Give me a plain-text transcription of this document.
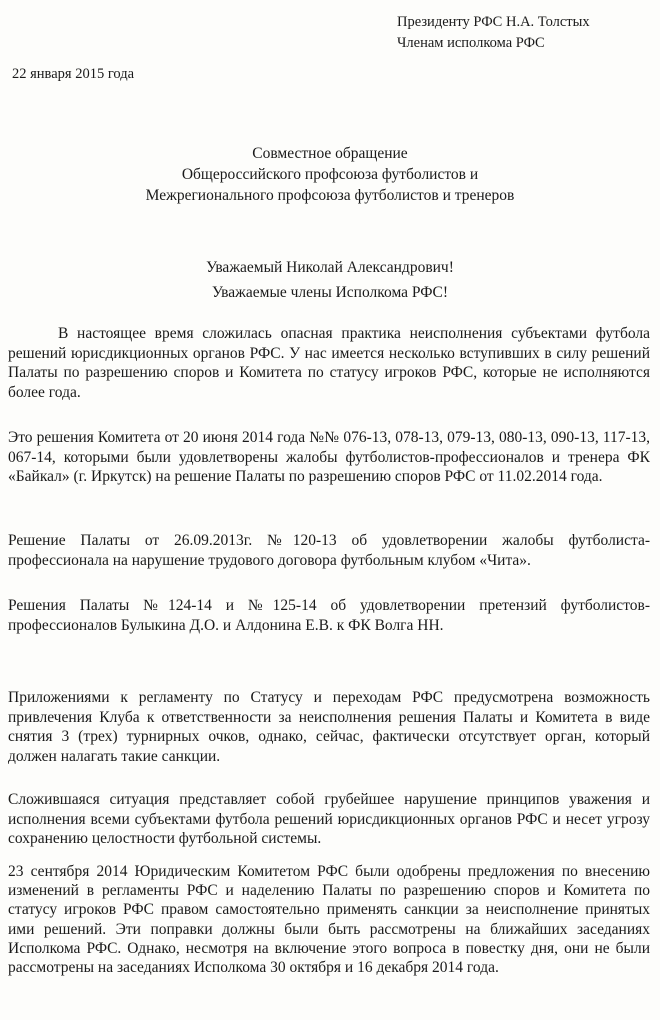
Президенту РФС Н.А. Толстых
Членам исполкома РФС
22 января 2015 года
Совместное обращение
Общероссийского профсоюза футболистов и
Межрегионального профсоюза футболистов и тренеров
Уважаемый Николай Александрович!
Уважаемые члены Исполкома РФС!

В настоящее время сложилась опасная практика неисполнения субъектами футбола решений юрисдикционных органов РФС. У нас имеется несколько вступивших в силу решений Палаты по разрешению споров и Комитета по статусу игроков РФС, которые не исполняются более года.

Это решения Комитета от 20 июня 2014 года №№ 076-13, 078-13, 079-13, 080-13, 090-13, 117-13, 067-14, которыми были удовлетворены жалобы футболистов-профессионалов и тренера ФК «Байкал» (г. Иркутск) на решение Палаты по разрешению споров РФС от 11.02.2014 года.

Решение Палаты от 26.09.2013г. №120-13 об удовлетворении жалобы футболиста-профессионала на нарушение трудового договора футбольным клубом «Чита».

Решения Палаты №124-14 и №125-14 об удовлетворении претензий футболистов-профессионалов Булыкина Д.О. и Алдонина Е.В. к ФК Волга НН.

Приложениями к регламенту по Статусу и переходам РФС предусмотрена возможность привлечения Клуба к ответственности за неисполнения решения Палаты и Комитета в виде снятия 3 (трех) турнирных очков, однако, сейчас, фактически отсутствует орган, который должен налагать такие санкции.

Сложившаяся ситуация представляет собой грубейшее нарушение принципов уважения и исполнения всеми субъектами футбола решений юрисдикционных органов РФС и несет угрозу сохранению целостности футбольной системы.

23 сентября 2014 Юридическим Комитетом РФС были одобрены предложения по внесению изменений в регламенты РФС и наделению Палаты по разрешению споров и Комитета по статусу игроков РФС правом самостоятельно применять санкции за неисполнение принятых ими решений. Эти поправки должны были быть рассмотрены на ближайших заседаниях Исполкома РФС. Однако, несмотря на включение этого вопроса в повестку дня, они не были рассмотрены на заседаниях Исполкома 30 октября и 16 декабря 2014 года.
